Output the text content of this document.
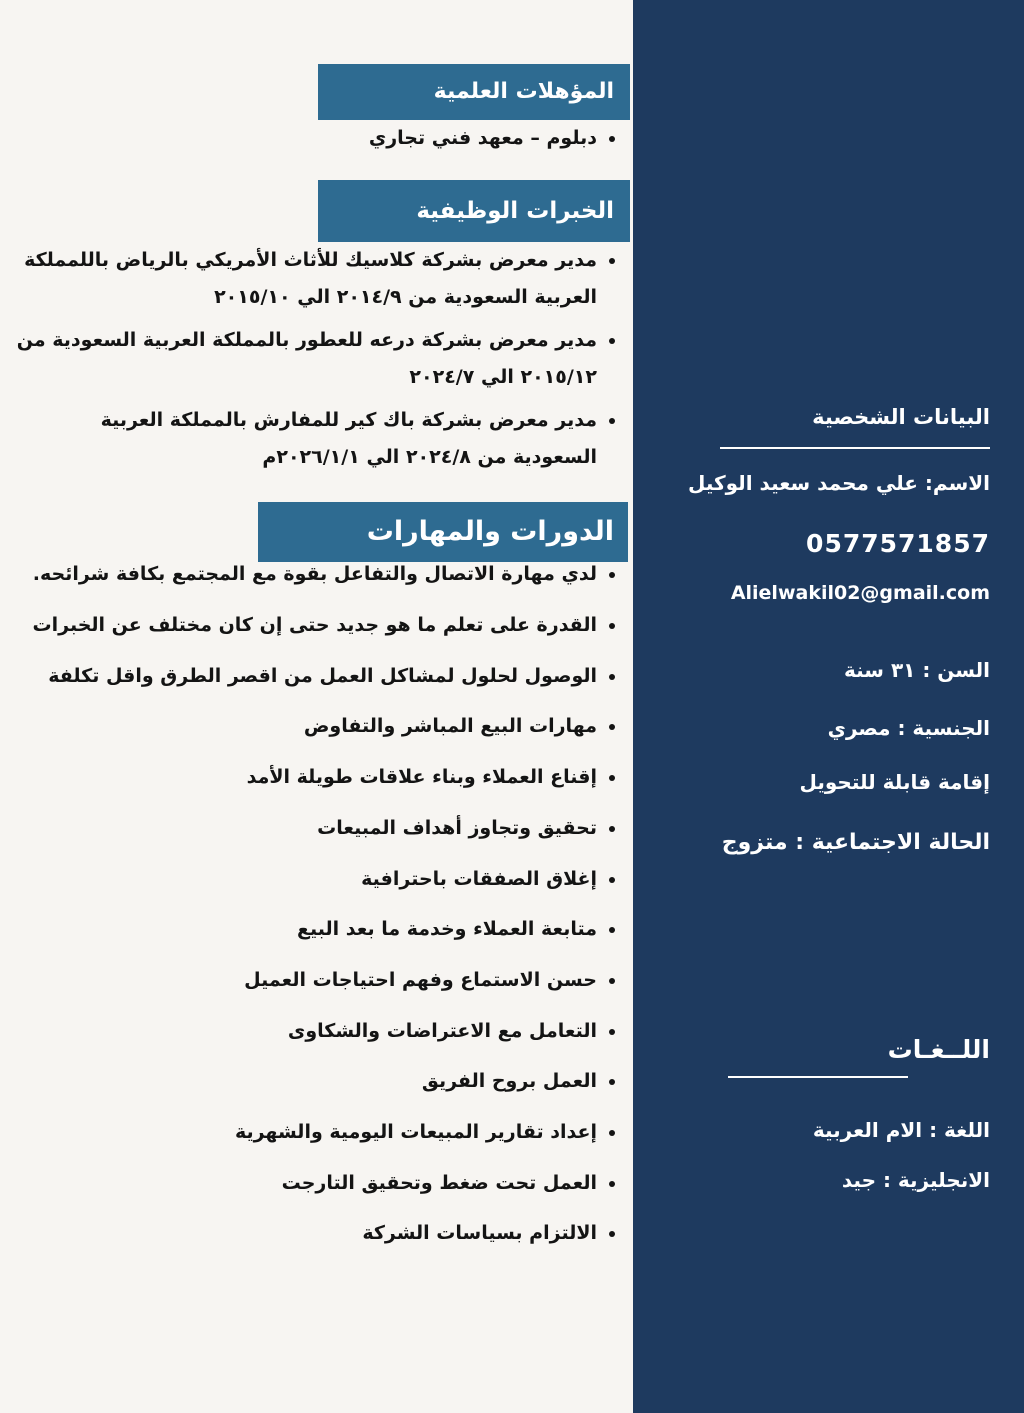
المؤهلات العلمية
• دبلوم – معهد فني تجاري
الخبرات الوظيفية
• مدير معرض بشركة كلاسيك للأثاث الأمريكي بالرياض باللمملكة العربية السعودية من ٢٠١٤/٩ الي ٢٠١٥/١٠
• مدير معرض بشركة درعه للعطور بالمملكة العربية السعودية من ٢٠١٥/١٢ الي ٢٠٢٤/٧
• مدير معرض بشركة باك كير للمفارش بالمملكة العربية السعودية من ٢٠٢٤/٨ الي ٢٠٢٦/١/١م
الدورات والمهارات
• لدي مهارة الاتصال والتفاعل بقوة مع المجتمع بكافة شرائحه.
• القدرة على تعلم ما هو جديد حتى إن كان مختلف عن الخبرات
• الوصول لحلول لمشاكل العمل من اقصر الطرق واقل تكلفة
• مهارات البيع المباشر والتفاوض
• إقناع العملاء وبناء علاقات طويلة الأمد
• تحقيق وتجاوز أهداف المبيعات
• إغلاق الصفقات باحترافية
• متابعة العملاء وخدمة ما بعد البيع
• حسن الاستماع وفهم احتياجات العميل
• التعامل مع الاعتراضات والشكاوى
• العمل بروح الفريق
• إعداد تقارير المبيعات اليومية والشهرية
• العمل تحت ضغط وتحقيق التارجت
• الالتزام بسياسات الشركة
البيانات الشخصية
الاسم: علي محمد سعيد الوكيل
0577571857
Alielwakil02@gmail.com
السن : ٣١ سنة
الجنسية : مصري
إقامة قابلة للتحويل
الحالة الاجتماعية : متزوج
اللــغـات
اللغة : الام العربية
الانجليزية : جيد
